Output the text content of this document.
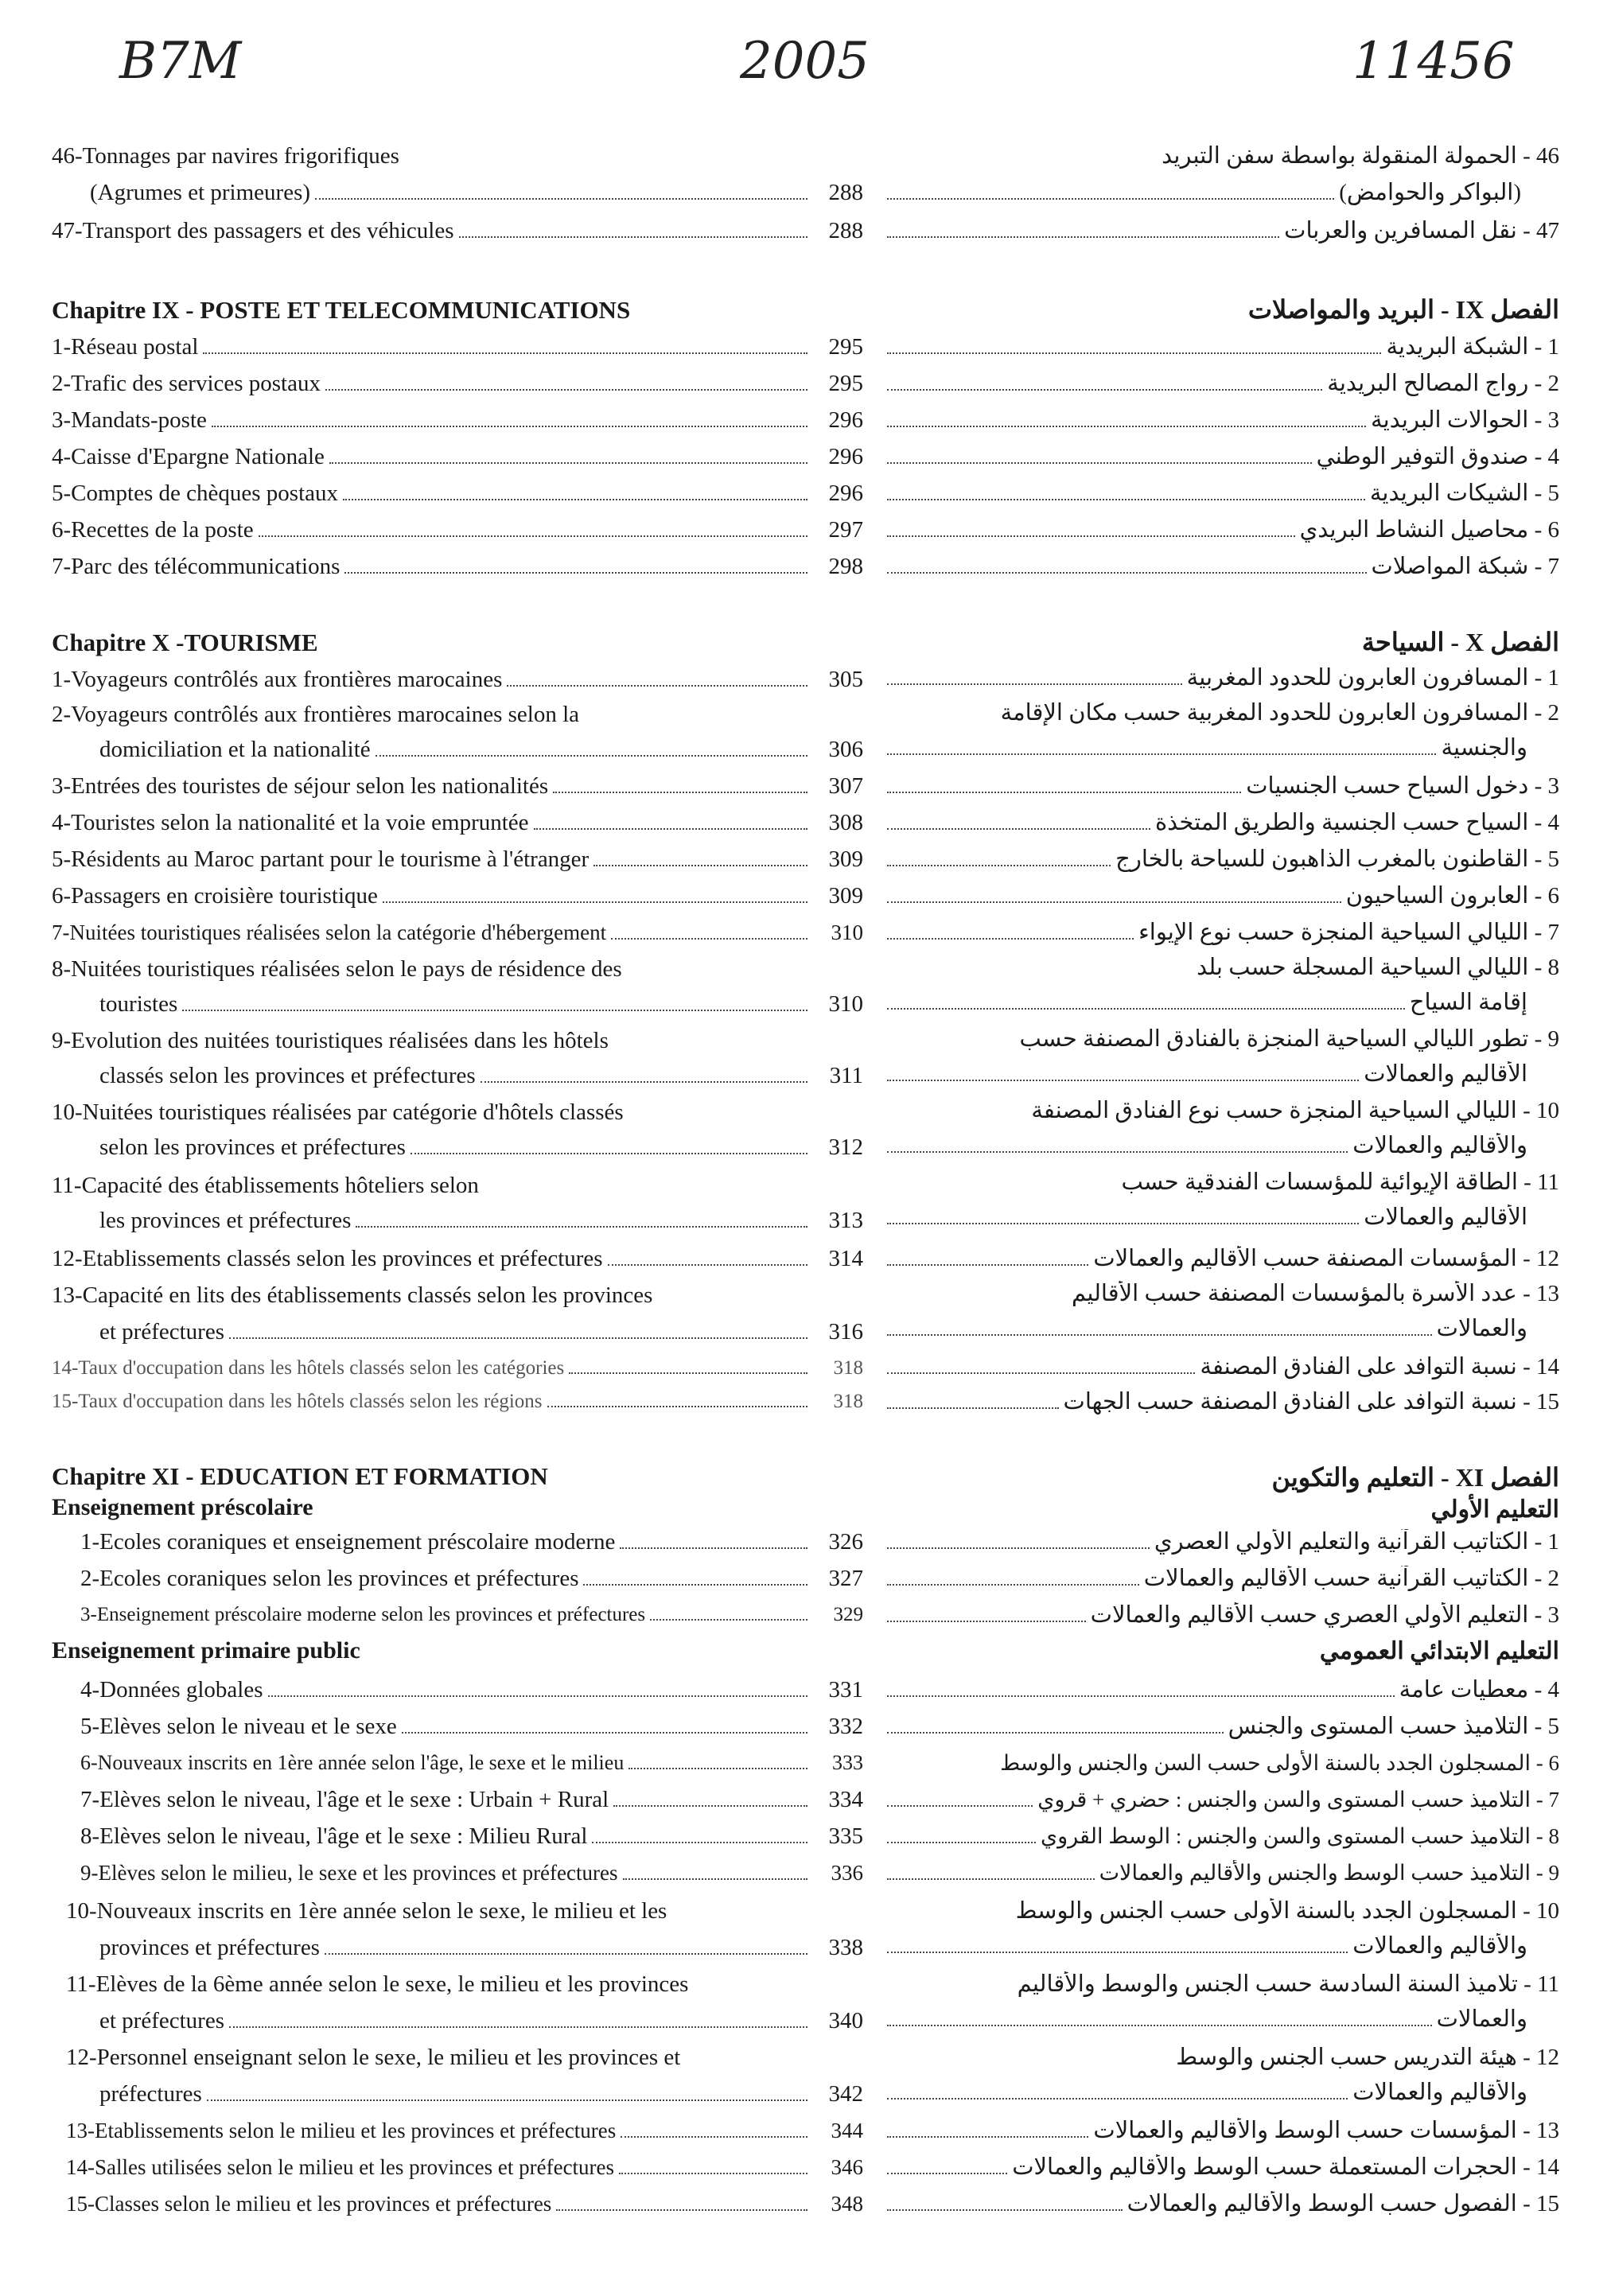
B7M	2005	11456
46-Tonnages par navires frigorifiques
(Agrumes et primeures)	288
47-Transport des passagers et des véhicules	288
Chapitre IX - POSTE ET TELECOMMUNICATIONS
1-Réseau postal	295
2-Trafic des services postaux	295
3-Mandats-poste	296
4-Caisse d'Epargne Nationale	296
5-Comptes de chèques postaux	296
6-Recettes de la poste	297
7-Parc des télécommunications	298
Chapitre X -TOURISME
1-Voyageurs contrôlés aux frontières marocaines	305
2-Voyageurs contrôlés aux frontières marocaines selon la
domiciliation et la nationalité	306
3-Entrées des touristes de séjour selon les nationalités	307
4-Touristes selon la nationalité et la voie empruntée	308
5-Résidents au Maroc partant pour le tourisme à l'étranger	309
6-Passagers en croisière touristique	309
7-Nuitées touristiques réalisées selon la catégorie d'hébergement	310
8-Nuitées touristiques réalisées selon le pays de résidence des
touristes	310
9-Evolution des nuitées touristiques réalisées dans les hôtels
classés selon les provinces et préfectures	311
10-Nuitées touristiques réalisées par catégorie d'hôtels classés
selon les provinces et préfectures	312
11-Capacité des établissements hôteliers selon
les provinces et préfectures	313
12-Etablissements classés selon les provinces et préfectures	314
13-Capacité en lits des établissements classés selon les provinces
et préfectures	316
14-Taux d'occupation dans les hôtels classés selon les catégories	318
15-Taux d'occupation dans les hôtels classés selon les régions	318
Chapitre XI - EDUCATION ET FORMATION
Enseignement préscolaire
1-Ecoles coraniques et enseignement préscolaire moderne	326
2-Ecoles coraniques selon les provinces et préfectures	327
3-Enseignement préscolaire moderne selon les provinces et préfectures	329
Enseignement primaire public
4-Données globales	331
5-Elèves selon le niveau et le sexe	332
6-Nouveaux inscrits en 1ère année selon l'âge, le sexe et le milieu	333
7-Elèves selon le niveau, l'âge et le sexe : Urbain + Rural	334
8-Elèves selon le niveau, l'âge et le sexe : Milieu Rural	335
9-Elèves selon le milieu, le sexe et les provinces et préfectures	336
10-Nouveaux inscrits en 1ère année selon le sexe, le milieu et les
provinces et préfectures	338
11-Elèves de la 6ème année selon le sexe, le milieu et les provinces
et préfectures	340
12-Personnel enseignant selon le sexe, le milieu et les provinces et
préfectures	342
13-Etablissements selon le milieu et les provinces et préfectures	344
14-Salles utilisées selon le milieu et les provinces et préfectures	346
15-Classes selon le milieu et les provinces et préfectures	348
46 - الحمولة المنقولة بواسطة سفن التبريد
(البواكر والحوامض)
47 - نقل المسافرين والعربات
الفصل IX - البريد والمواصلات
1 - الشبكة البريدية
2 - رواج المصالح البريدية
3 - الحوالات البريدية
4 - صندوق التوفير الوطني
5 - الشيكات البريدية
6 - محاصيل النشاط البريدي
7 - شبكة المواصلات
الفصل X - السياحة
1 - المسافرون العابرون للحدود المغربية
2 - المسافرون العابرون للحدود المغربية حسب مكان الإقامة
والجنسية
3 - دخول السياح حسب الجنسيات
4 - السياح حسب الجنسية والطريق المتخذة
5 - القاطنون بالمغرب الذاهبون للسياحة بالخارج
6 - العابرون السياحيون
7 - الليالي السياحية المنجزة حسب نوع الإيواء
8 - الليالي السياحية المسجلة حسب بلد
إقامة السياح
9 - تطور الليالي السياحية المنجزة بالفنادق المصنفة حسب
الأقاليم والعمالات
10 - الليالي السياحية المنجزة حسب نوع الفنادق المصنفة
والأقاليم والعمالات
11 - الطاقة الإيوائية للمؤسسات الفندقية حسب
الأقاليم والعمالات
12 - المؤسسات المصنفة حسب الأقاليم والعمالات
13 - عدد الأسرة بالمؤسسات المصنفة حسب الأقاليم
والعمالات
14 - نسبة التوافد على الفنادق المصنفة
15 - نسبة التوافد على الفنادق المصنفة حسب الجهات
الفصل XI - التعليم والتكوين
التعليم الأولي
1 - الكتاتيب القرآنية والتعليم الأولي العصري
2 - الكتاتيب القرآنية حسب الأقاليم والعمالات
3 - التعليم الأولي العصري حسب الأقاليم والعمالات
التعليم الابتدائي العمومي
4 - معطيات عامة
5 - التلاميذ حسب المستوى والجنس
6 - المسجلون الجدد بالسنة الأولى حسب السن والجنس والوسط
7 - التلاميذ حسب المستوى والسن والجنس : حضري + قروي
8 - التلاميذ حسب المستوى والسن والجنس : الوسط القروي
9 - التلاميذ حسب الوسط والجنس والأقاليم والعمالات
10 - المسجلون الجدد بالسنة الأولى حسب الجنس والوسط
والأقاليم والعمالات
11 - تلاميذ السنة السادسة حسب الجنس والوسط والأقاليم
والعمالات
12 - هيئة التدريس حسب الجنس والوسط
والأقاليم والعمالات
13 - المؤسسات حسب الوسط والأقاليم والعمالات
14 - الحجرات المستعملة حسب الوسط والأقاليم والعمالات
15 - الفصول حسب الوسط والأقاليم والعمالات
